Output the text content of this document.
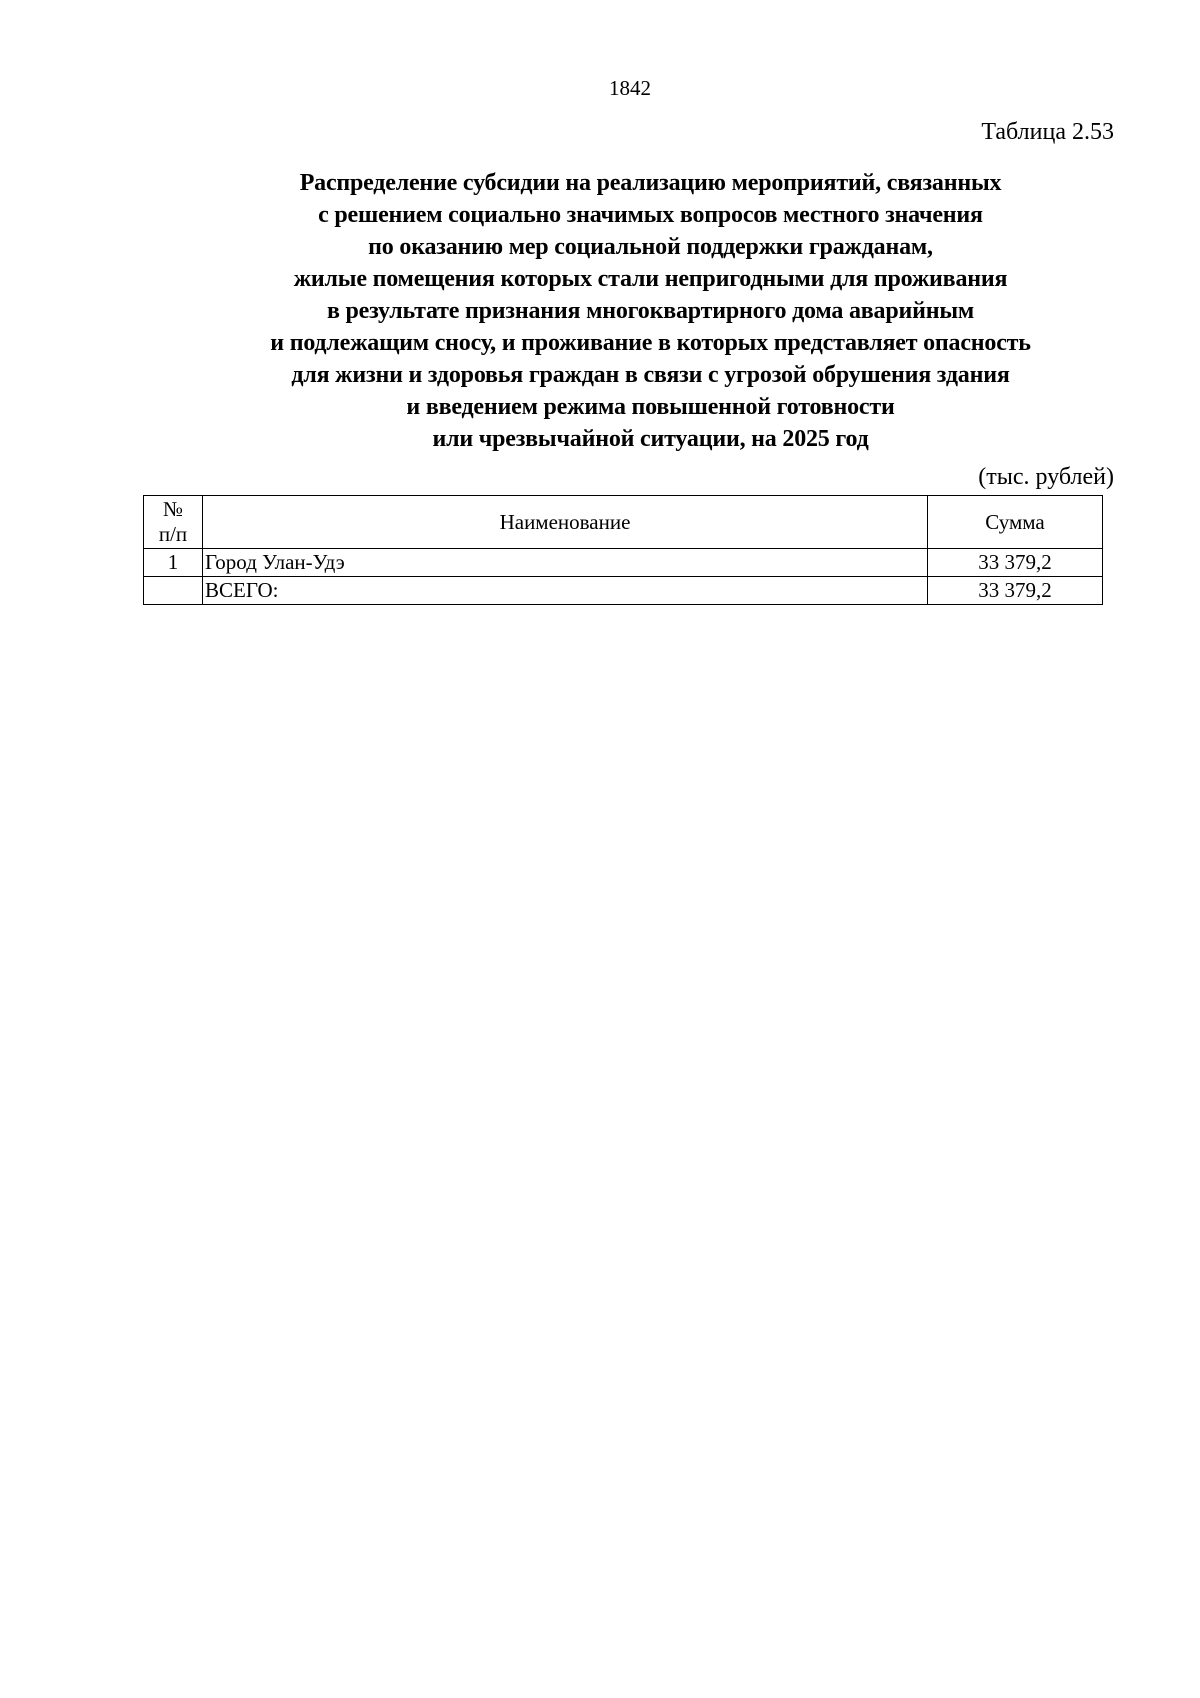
1842
Таблица 2.53
Распределение субсидии на реализацию мероприятий, связанных
с решением социально значимых вопросов местного значения
по оказанию мер социальной поддержки гражданам,
жилые помещения которых стали непригодными для проживания
в результате признания многоквартирного дома аварийным
и подлежащим сносу, и проживание в которых представляет опасность
для жизни и здоровья граждан в связи с угрозой обрушения здания
и введением режима повышенной готовности
или чрезвычайной ситуации, на 2025 год
(тыс. рублей)
№
п/п	Наименование	Сумма
1	Город Улан-Удэ	33 379,2
	ВСЕГО:	33 379,2
